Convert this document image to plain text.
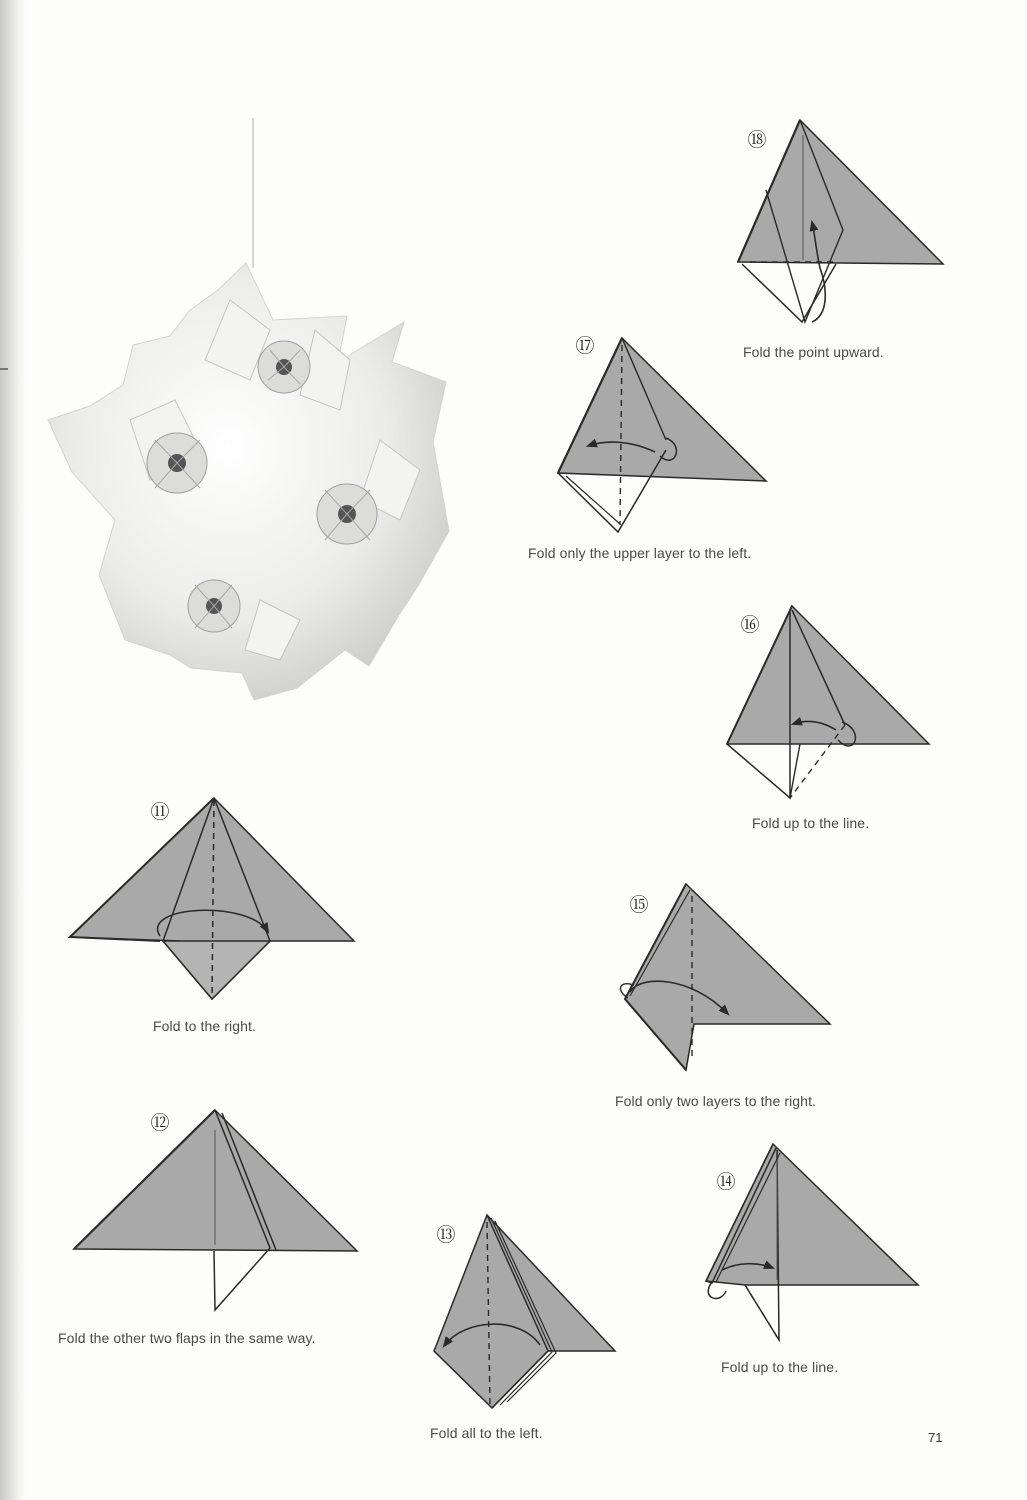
⑪
⑫
⑬
⑭
⑮
⑯
⑰
⑱

Fold to the right.

Fold the other two flaps in the same way.

Fold all to the left.

Fold up to the line.

Fold only two layers to the right.

Fold up to the line.

Fold only the upper layer to the left.

Fold the point upward.

71
